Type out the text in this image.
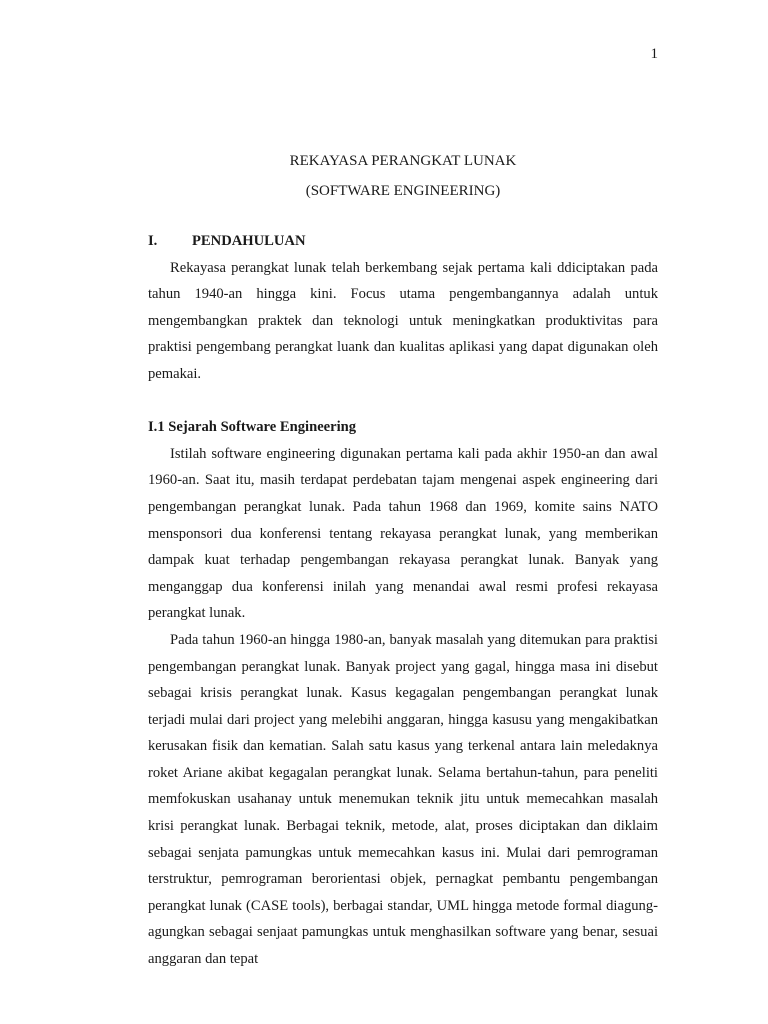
1
REKAYASA PERANGKAT LUNAK
(SOFTWARE ENGINEERING)
I. PENDAHULUAN

Rekayasa perangkat lunak telah berkembang sejak pertama kali ddiciptakan pada tahun 1940-an hingga kini. Focus utama pengembangannya adalah untuk mengembangkan praktek dan teknologi untuk meningkatkan produktivitas para praktisi pengembang perangkat luank dan kualitas aplikasi yang dapat digunakan oleh pemakai.

I.1 Sejarah Software Engineering

Istilah software engineering digunakan pertama kali pada akhir 1950-an dan awal 1960-an. Saat itu, masih terdapat perdebatan tajam mengenai aspek engineering dari pengembangan perangkat lunak. Pada tahun 1968 dan 1969, komite sains NATO mensponsori dua konferensi tentang rekayasa perangkat lunak, yang memberikan dampak kuat terhadap pengembangan rekayasa perangkat lunak. Banyak yang menganggap dua konferensi inilah yang menandai awal resmi profesi rekayasa perangkat lunak.

Pada tahun 1960-an hingga 1980-an, banyak masalah yang ditemukan para praktisi pengembangan perangkat lunak. Banyak project yang gagal, hingga masa ini disebut sebagai krisis perangkat lunak. Kasus kegagalan pengembangan perangkat lunak terjadi mulai dari project yang melebihi anggaran, hingga kasusu yang mengakibatkan kerusakan fisik dan kematian. Salah satu kasus yang terkenal antara lain meledaknya roket Ariane akibat kegagalan perangkat lunak. Selama bertahun-tahun, para peneliti memfokuskan usahanay untuk menemukan teknik jitu untuk memecahkan masalah krisi perangkat lunak. Berbagai teknik, metode, alat, proses diciptakan dan diklaim sebagai senjata pamungkas untuk memecahkan kasus ini. Mulai dari pemrograman terstruktur, pemrograman berorientasi objek, pernagkat pembantu pengembangan perangkat lunak (CASE tools), berbagai standar, UML hingga metode formal diagung-agungkan sebagai senjaat pamungkas untuk menghasilkan software yang benar, sesuai anggaran dan tepat
